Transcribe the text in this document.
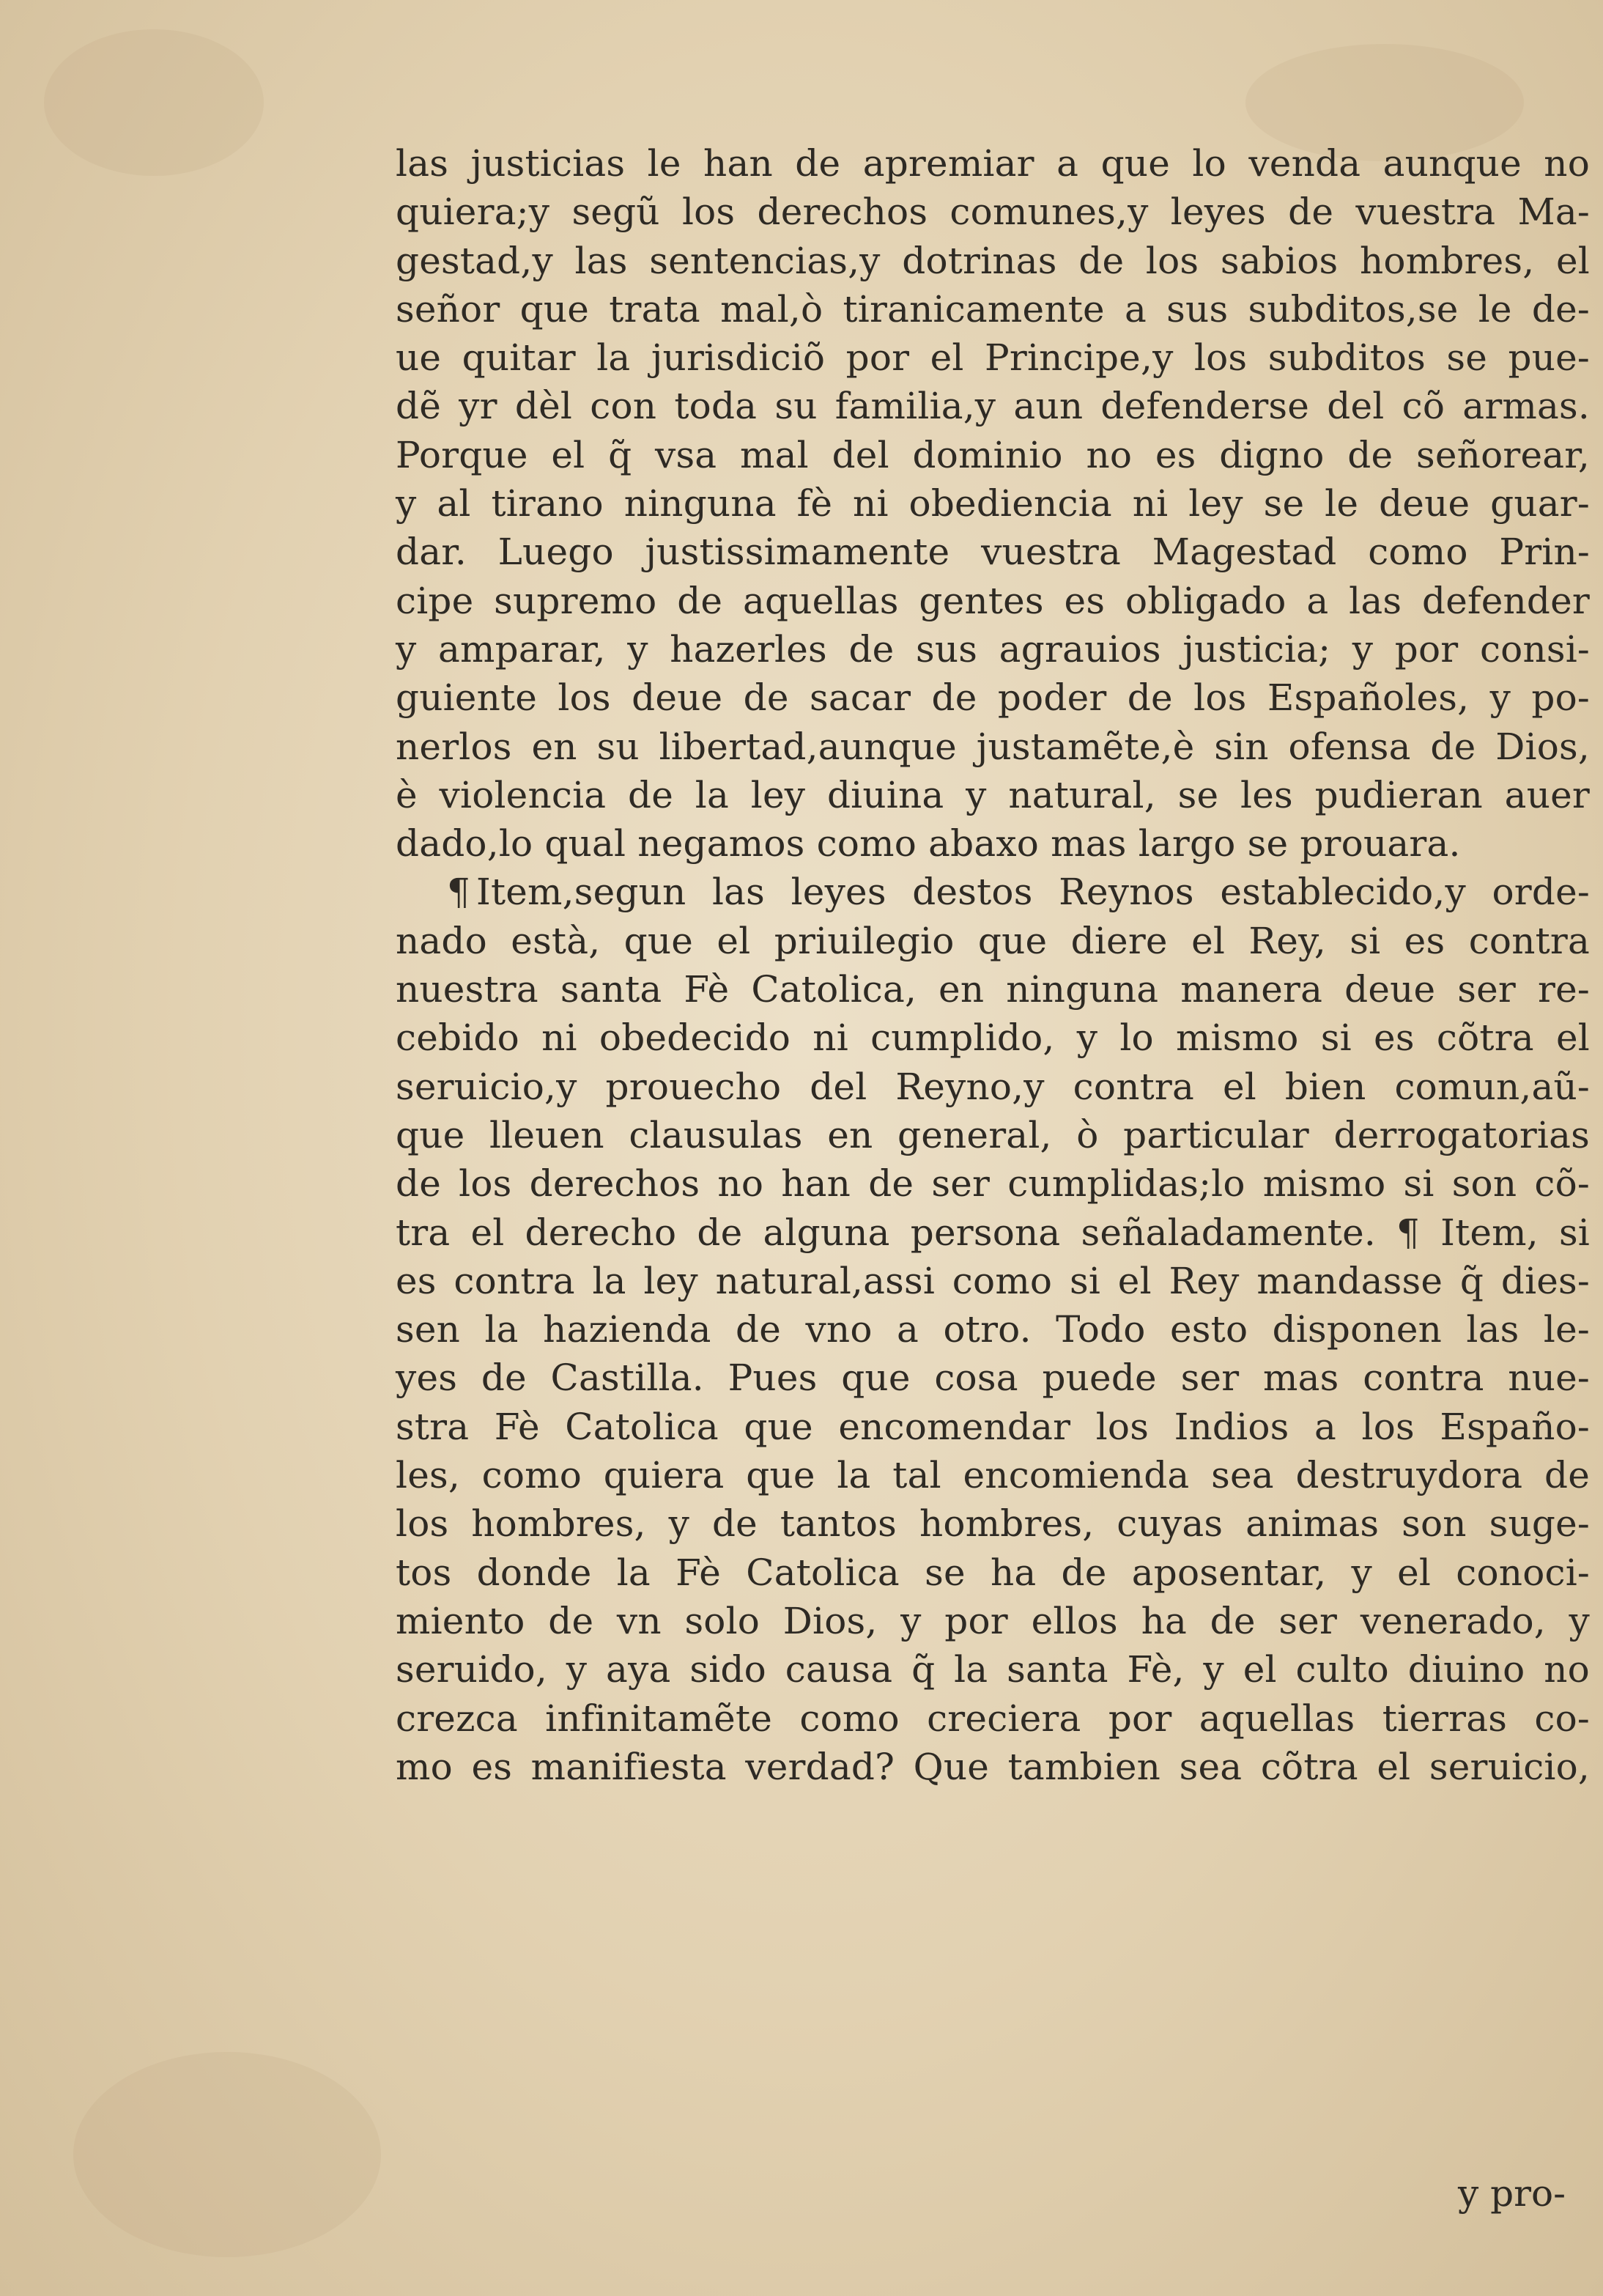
las justicias le han de apremiar a que lo venda aunque no
quiera;y segũ los derechos comunes,y leyes de vuestra Ma-
gestad,y las sentencias,y dotrinas de los sabios hombres, el
señor que trata mal,ò tiranicamente a sus subditos,se le de-
ue quitar la jurisdiciõ por el Principe,y los subditos se pue-
dẽ yr dèl con toda su familia,y aun defenderse del cõ armas.
Porque el q̃ vsa mal del dominio no es digno de señorear,
y al tirano ninguna fè ni obediencia ni ley se le deue guar-
dar. Luego justissimamente vuestra Magestad como Prin-
cipe supremo de aquellas gentes es obligado a las defender
y amparar, y hazerles de sus agrauios justicia; y por consi-
guiente los deue de sacar de poder de los Españoles, y po-
nerlos en su libertad,aunque justamẽte,è sin ofensa de Dios,
è violencia de la ley diuina y natural, se les pudieran auer
dado,lo qual negamos como abaxo mas largo se prouara.
¶ Item,segun las leyes destos Reynos establecido,y orde-
nado està, que el priuilegio que diere el Rey, si es contra
nuestra santa Fè Catolica, en ninguna manera deue ser re-
cebido ni obedecido ni cumplido, y lo mismo si es cõtra el
seruicio,y prouecho del Reyno,y contra el bien comun,aũ-
que lleuen clausulas en general, ò particular derrogatorias
de los derechos no han de ser cumplidas;lo mismo si son cõ-
tra el derecho de alguna persona señaladamente. ¶ Item, si
es contra la ley natural,assi como si el Rey mandasse q̃ dies-
sen la hazienda de vno a otro. Todo esto disponen las le-
yes de Castilla. Pues que cosa puede ser mas contra nue-
stra Fè Catolica que encomendar los Indios a los Españo-
les, como quiera que la tal encomienda sea destruydora de
los hombres, y de tantos hombres, cuyas animas son suge-
tos donde la Fè Catolica se ha de aposentar, y el conoci-
miento de vn solo Dios, y por ellos ha de ser venerado, y
seruido, y aya sido causa q̃ la santa Fè, y el culto diuino no
crezca infinitamẽte como creciera por aquellas tierras co-
mo es manifiesta verdad? Que tambien sea cõtra el seruicio,
y pro-
